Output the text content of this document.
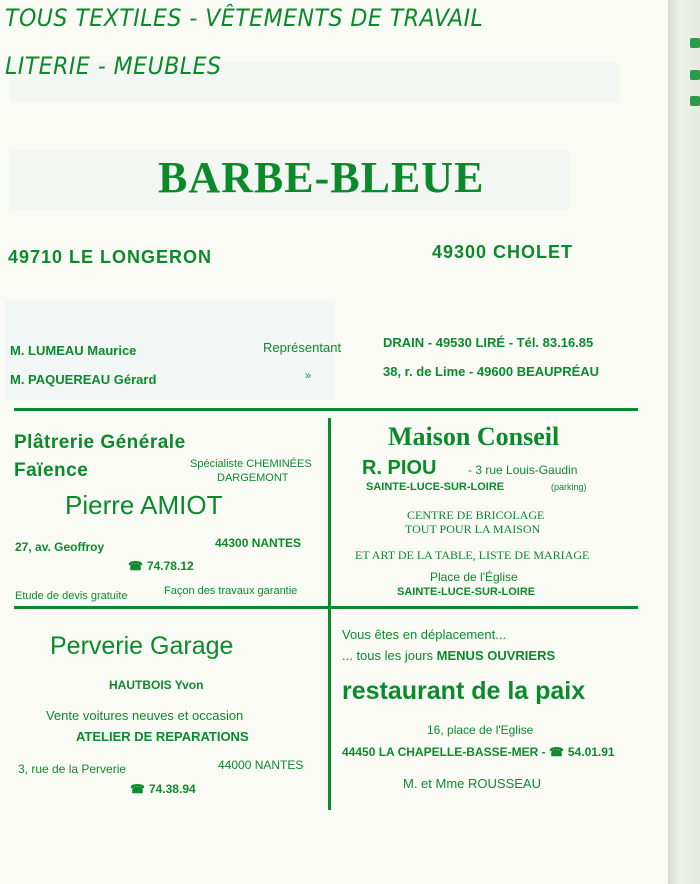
TOUS TEXTILES - VÊTEMENTS DE TRAVAIL
LITERIE - MEUBLES
BARBE-BLEUE
49710 LE LONGERON	49300 CHOLET
M. LUMEAU Maurice	Représentant	DRAIN - 49530 LIRÉ - Tél. 83.16.85
M. PAQUEREAU Gérard	»	38, r. de Lime - 49600 BEAUPRÉAU
Plâtrerie Générale
Faïence	Spécialiste CHEMINÉES
DARGEMONT
Pierre AMIOT
27, av. Geoffroy	44300 NANTES
☎ 74.78.12
Etude de devis gratuite	Façon des travaux garantie
Maison Conseil
R. PIOU	- 3 rue Louis-Gaudin
SAINTE-LUCE-SUR-LOIRE	(parking)
CENTRE DE BRICOLAGE
TOUT POUR LA MAISON
ET ART DE LA TABLE, LISTE DE MARIAGE
Place de l'Église
SAINTE-LUCE-SUR-LOIRE
Perverie Garage
HAUTBOIS Yvon
Vente voitures neuves et occasion
ATELIER DE REPARATIONS
3, rue de la Perverie	44000 NANTES
☎ 74.38.94
Vous êtes en déplacement...
... tous les jours MENUS OUVRIERS
restaurant de la paix
16, place de l'Eglise
44450 LA CHAPELLE-BASSE-MER - ☎ 54.01.91
M. et Mme ROUSSEAU
